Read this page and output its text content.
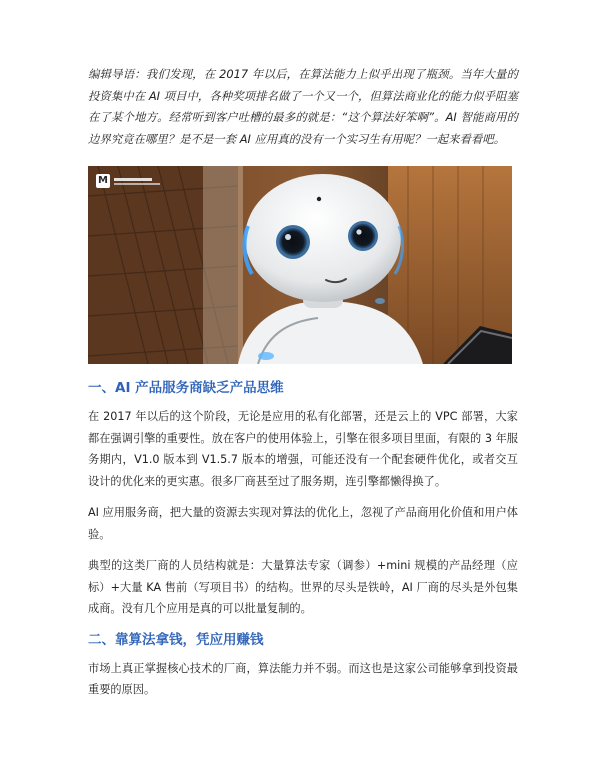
编辑导语：我们发现，在 2017 年以后，在算法能力上似乎出现了瓶颈。当年大量的投资集中在 AI 项目中，各种奖项排名做了一个又一个，但算法商业化的能力似乎阻塞在了某个地方。经常听到客户吐槽的最多的就是：“这个算法好笨啊”。AI 智能商用的边界究竟在哪里？是不是一套 AI 应用真的没有一个实习生有用呢？一起来看看吧。

M
一、AI 产品服务商缺乏产品思维

在 2017 年以后的这个阶段，无论是应用的私有化部署，还是云上的 VPC 部署，大家都在强调引擎的重要性。放在客户的使用体验上，引擎在很多项目里面，有限的 3 年服务期内，V1.0 版本到 V1.5.7 版本的增强，可能还没有一个配套硬件优化，或者交互设计的优化来的更实惠。很多厂商甚至过了服务期，连引擎都懒得换了。

AI 应用服务商，把大量的资源去实现对算法的优化上，忽视了产品商用化价值和用户体验。

典型的这类厂商的人员结构就是：大量算法专家（调参）+mini 规模的产品经理（应标）+大量 KA 售前（写项目书）的结构。世界的尽头是铁岭，AI 厂商的尽头是外包集成商。没有几个应用是真的可以批量复制的。

二、靠算法拿钱，凭应用赚钱

市场上真正掌握核心技术的厂商，算法能力并不弱。而这也是这家公司能够拿到投资最重要的原因。
